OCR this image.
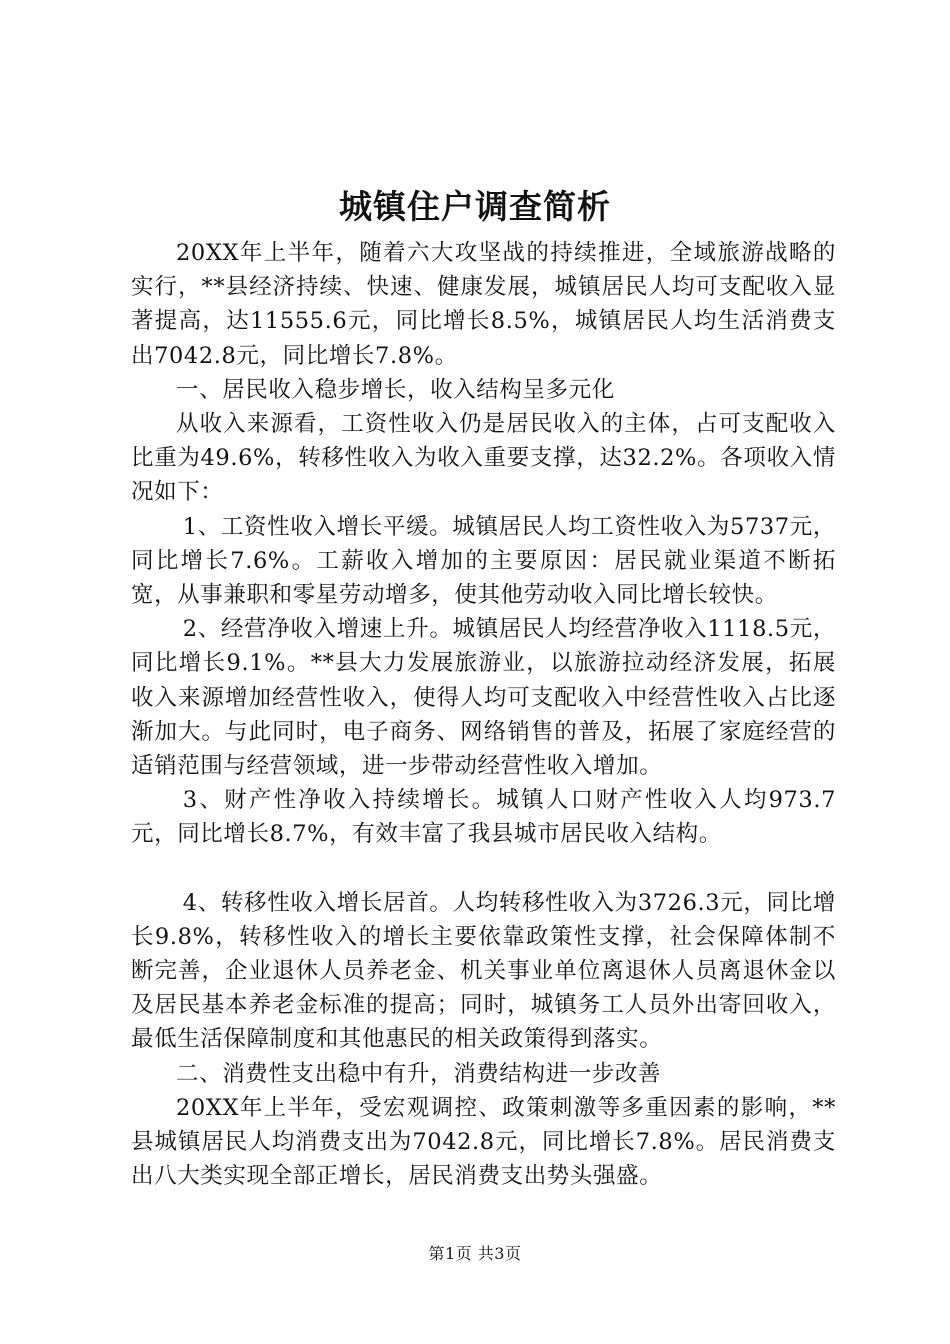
城镇住户调查简析

20XX年上半年，随着六大攻坚战的持续推进，全域旅游战略的实行，**县经济持续、快速、健康发展，城镇居民人均可支配收入显著提高，达11555.6元，同比增长8.5%，城镇居民人均生活消费支出7042.8元，同比增长7.8%。

一、居民收入稳步增长，收入结构呈多元化

从收入来源看，工资性收入仍是居民收入的主体，占可支配收入比重为49.6%，转移性收入为收入重要支撑，达32.2%。各项收入情况如下：

1、工资性收入增长平缓。城镇居民人均工资性收入为5737元，同比增长7.6%。工薪收入增加的主要原因：居民就业渠道不断拓宽，从事兼职和零星劳动增多，使其他劳动收入同比增长较快。

2、经营净收入增速上升。城镇居民人均经营净收入1118.5元，同比增长9.1%。**县大力发展旅游业，以旅游拉动经济发展，拓展收入来源增加经营性收入，使得人均可支配收入中经营性收入占比逐渐加大。与此同时，电子商务、网络销售的普及，拓展了家庭经营的适销范围与经营领域，进一步带动经营性收入增加。

3、财产性净收入持续增长。城镇人口财产性收入人均973.7元，同比增长8.7%，有效丰富了我县城市居民收入结构。

4、转移性收入增长居首。人均转移性收入为3726.3元，同比增长9.8%，转移性收入的增长主要依靠政策性支撑，社会保障体制不断完善，企业退休人员养老金、机关事业单位离退休人员离退休金以及居民基本养老金标准的提高；同时，城镇务工人员外出寄回收入，最低生活保障制度和其他惠民的相关政策得到落实。

二、消费性支出稳中有升，消费结构进一步改善

20XX年上半年，受宏观调控、政策刺激等多重因素的影响，**县城镇居民人均消费支出为7042.8元，同比增长7.8%。居民消费支出八大类实现全部正增长，居民消费支出势头强盛。

第1页 共3页
